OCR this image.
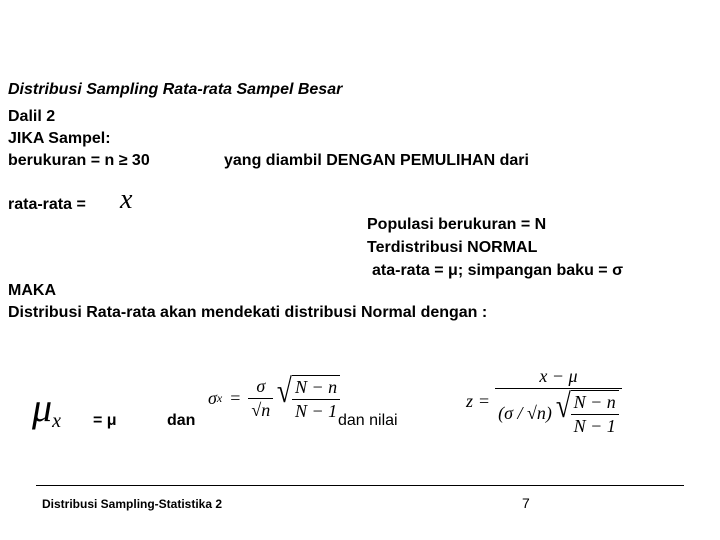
Distribusi Sampling Rata-rata Sampel Besar
Dalil 2
JIKA Sampel:
berukuran = n ≥ 30	yang diambil DENGAN PEMULIHAN dari
rata-rata = x
Populasi berukuran = N
Terdistribusi NORMAL
ata-rata = μ; simpangan baku = σ
MAKA
Distribusi Rata-rata akan mendekati distribusi Normal dengan :
μx = μ	dan
σ $x = \frac{\sigma}{√n}$ √ $\frac{N - n}{N - 1}$
dan nilai
z =
x − μ
(σ / √n) √ $\frac{N - n}{N - 1}$
Distribusi Sampling-Statistika 2	7
